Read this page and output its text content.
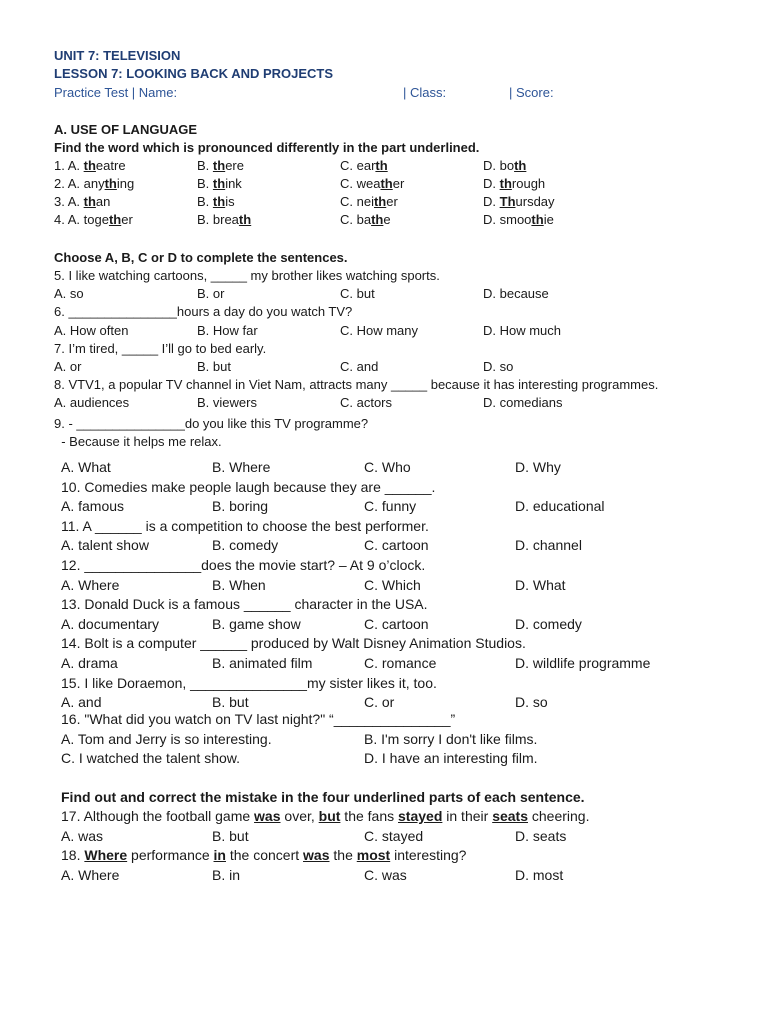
UNIT 7: TELEVISION
LESSON 7: LOOKING BACK AND PROJECTS
Practice Test | Name:	| Class:	| Score:
A. USE OF LANGUAGE
Find the word which is pronounced differently in the part underlined.
1. A. theatre	B. there	C. earth	D. both
2. A. anything	B. think	C. weather	D. through
3. A. than	B. this	C. neither	D. Thursday
4. A. together	B. breath	C. bathe	D. smoothie
Choose A, B, C or D to complete the sentences.
5. I like watching cartoons, _____ my brother likes watching sports.
A. so	B. or	C. but	D. because
6. _______________hours a day do you watch TV?
A. How often	B. How far	C. How many	D. How much
7. I’m tired, _____ I’ll go to bed early.
A. or	B. but	C. and	D. so
8. VTV1, a popular TV channel in Viet Nam, attracts many _____ because it has interesting programmes.
A. audiences	B. viewers	C. actors	D. comedians
9. - _______________do you like this TV programme?
- Because it helps me relax.
A. What	B. Where	C. Who	D. Why
10. Comedies make people laugh because they are ______.
A. famous	B. boring	C. funny	D. educational
11. A ______ is a competition to choose the best performer.
A. talent show	B. comedy	C. cartoon	D. channel
12. _______________does the movie start? – At 9 o’clock.
A. Where	B. When	C. Which	D. What
13. Donald Duck is a famous ______ character in the USA.
A. documentary	B. game show	C. cartoon	D. comedy
14. Bolt is a computer ______ produced by Walt Disney Animation Studios.
A. drama	B. animated film	C. romance	D. wildlife programme
15. I like Doraemon, _______________my sister likes it, too.
A. and	B. but	C. or	D. so
16. "What did you watch on TV last night?" “_______________”
A. Tom and Jerry is so interesting.	B. I'm sorry I don't like films.
C. I watched the talent show.	D. I have an interesting film.
Find out and correct the mistake in the four underlined parts of each sentence.
17. Although the football game was over, but the fans stayed in their seats cheering.
A. was	B. but	C. stayed	D. seats
18. Where performance in the concert was the most interesting?
A. Where	B. in	C. was	D. most
